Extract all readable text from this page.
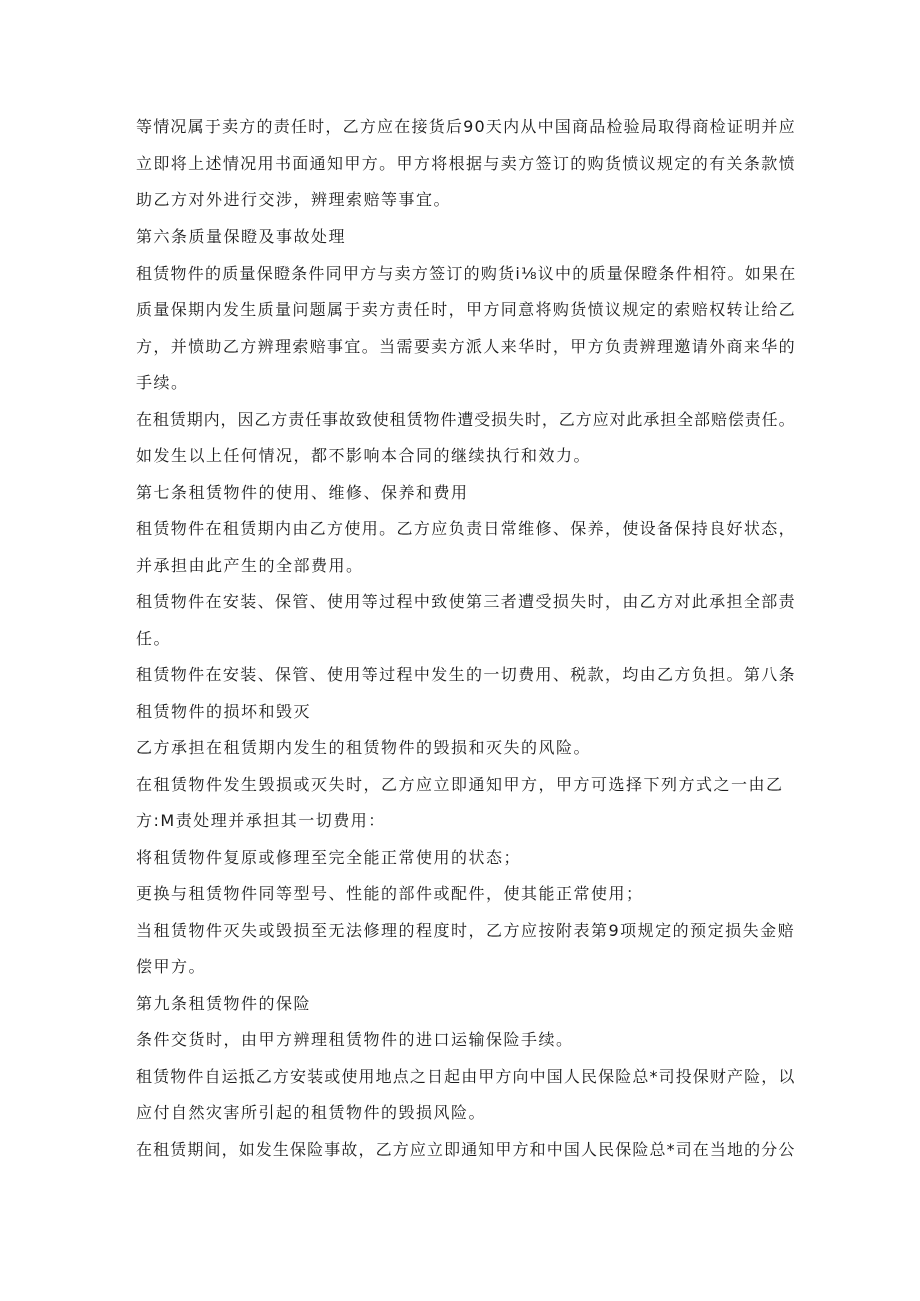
等情况属于卖方的责任时，乙方应在接货后90天内从中国商品检验局取得商检证明并应
立即将上述情况用书面通知甲方。甲方将根据与卖方签订的购货愤议规定的有关条款愤
助乙方对外进行交涉，辨理索赔等事宜。
第六条质量保瞪及事故处理
租赁物件的质量保瞪条件同甲方与卖方签订的购货i⅛议中的质量保瞪条件相符。如果在
质量保期内发生质量问题属于卖方责任时，甲方同意将购货愤议规定的索赔权转让给乙
方，并愤助乙方辨理索赔事宜。当需要卖方派人来华时，甲方负责辨理邀请外商来华的
手续。
在租赁期内，因乙方责任事故致使租赁物件遭受损失时，乙方应对此承担全部赔偿责任。
如发生以上任何情况，都不影响本合同的继续执行和效力。
第七条租赁物件的使用、维修、保养和费用
租赁物件在租赁期内由乙方使用。乙方应负责日常维修、保养，使设备保持良好状态，
并承担由此产生的全部费用。
租赁物件在安装、保管、使用等过程中致使第三者遭受损失时，由乙方对此承担全部责
任。
租赁物件在安装、保管、使用等过程中发生的一切费用、税款，均由乙方负担。第八条
租赁物件的损坏和毁灭
乙方承担在租赁期内发生的租赁物件的毁损和灭失的风险。
在租赁物件发生毁损或灭失时，乙方应立即通知甲方，甲方可选择下列方式之一由乙
方:M责处理并承担其一切费用：
将租赁物件复原或修理至完全能正常使用的状态；
更换与租赁物件同等型号、性能的部件或配件，使其能正常使用；
当租赁物件灭失或毁损至无法修理的程度时，乙方应按附表第9项规定的预定损失金赔
偿甲方。
第九条租赁物件的保险
条件交货时，由甲方辨理租赁物件的进口运输保险手续。
租赁物件自运抵乙方安装或使用地点之日起由甲方向中国人民保险总*司投保财产险，以
应付自然灾害所引起的租赁物件的毁损风险。
在租赁期间，如发生保险事故，乙方应立即通知甲方和中国人民保险总*司在当地的分公
